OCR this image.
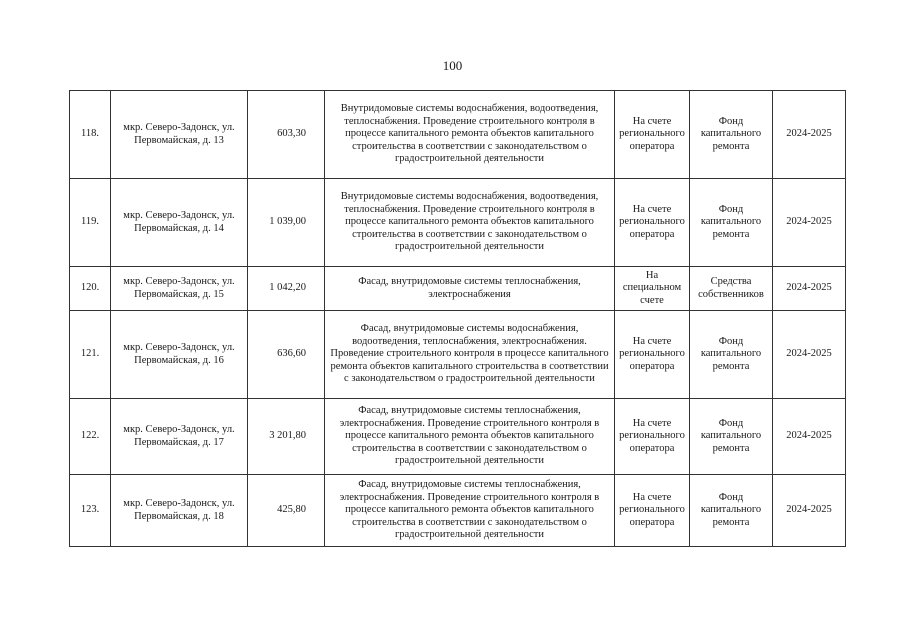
100
118.	мкр. Северо-Задонск, ул. Первомайская, д. 13	603,30	Внутридомовые системы водоснабжения, водоотведения, теплоснабжения. Проведение строительного контроля в процессе капитального ремонта объектов капитального строительства в соответствии с законодательством о градостроительной деятельности	На счете регионального оператора	Фонд капитального ремонта	2024-2025
119.	мкр. Северо-Задонск, ул. Первомайская, д. 14	1 039,00	Внутридомовые системы водоснабжения, водоотведения, теплоснабжения. Проведение строительного контроля в процессе капитального ремонта объектов капитального строительства в соответствии с законодательством о градостроительной деятельности	На счете регионального оператора	Фонд капитального ремонта	2024-2025
120.	мкр. Северо-Задонск, ул. Первомайская, д. 15	1 042,20	Фасад, внутридомовые системы теплоснабжения, электроснабжения	На специальном счете	Средства собственников	2024-2025
121.	мкр. Северо-Задонск, ул. Первомайская, д. 16	636,60	Фасад, внутридомовые системы водоснабжения, водоотведения, теплоснабжения, электроснабжения. Проведение строительного контроля в процессе капитального ремонта объектов капитального строительства в соответствии с законодательством о градостроительной деятельности	На счете регионального оператора	Фонд капитального ремонта	2024-2025
122.	мкр. Северо-Задонск, ул. Первомайская, д. 17	3 201,80	Фасад, внутридомовые системы теплоснабжения, электроснабжения. Проведение строительного контроля в процессе капитального ремонта объектов капитального строительства в соответствии с законодательством о градостроительной деятельности	На счете регионального оператора	Фонд капитального ремонта	2024-2025
123.	мкр. Северо-Задонск, ул. Первомайская, д. 18	425,80	Фасад, внутридомовые системы теплоснабжения, электроснабжения. Проведение строительного контроля в процессе капитального ремонта объектов капитального строительства в соответствии с законодательством о градостроительной деятельности	На счете регионального оператора	Фонд капитального ремонта	2024-2025
